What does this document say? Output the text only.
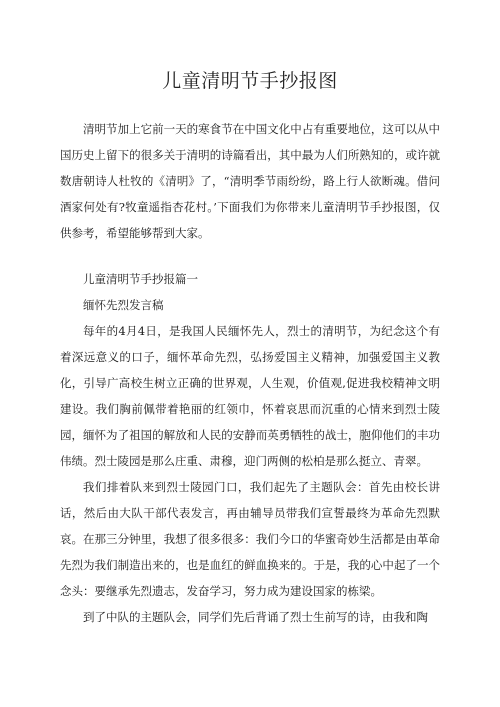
儿童清明节手抄报图

清明节加上它前一天的寒食节在中国文化中占有重要地位，这可以从中国历史上留下的很多关于清明的诗篇看出，其中最为人们所熟知的，或许就数唐朝诗人杜牧的《清明》了，“清明季节雨纷纷，路上行人欲断魂。借问酒家何处有?牧童遥指杏花村。’下面我们为你带来儿童清明节手抄报图，仅供参考，希望能够帮到大家。

儿童清明节手抄报篇一

缅怀先烈发言稿

每年的4月4日，是我国人民缅怀先人，烈士的清明节，为纪念这个有着深远意义的口子，缅怀革命先烈，弘扬爱国主义精神，加强爱国主义教化，引导广高校生树立正确的世界观，人生观，价值观,促进我校精神文明建设。我们胸前佩带着艳丽的红领巾，怀着哀思而沉重的心情来到烈士陵园，缅怀为了祖国的解放和人民的安静而英勇牺牲的战士，胞仰他们的丰功伟绩。烈士陵园是那么庄重、肃穆，迎门两侧的松柏是那么挺立、青翠。

我们排着队来到烈士陵园门口，我们起先了主题队会：首先由校长讲话，然后由大队干部代表发言，再由辅导员带我们宣誓最终为革命先烈默哀。在那三分钟里，我想了很多很多：我们今口的华蜜奇妙生活都是由革命先烈为我们制造出来的，也是血红的鲜血换来的。于是，我的心中起了一个念头：要继承先烈遗志，发奋学习，努力成为建设国家的栋梁。

到了中队的主题队会，同学们先后背诵了烈士生前写的诗，由我和陶
